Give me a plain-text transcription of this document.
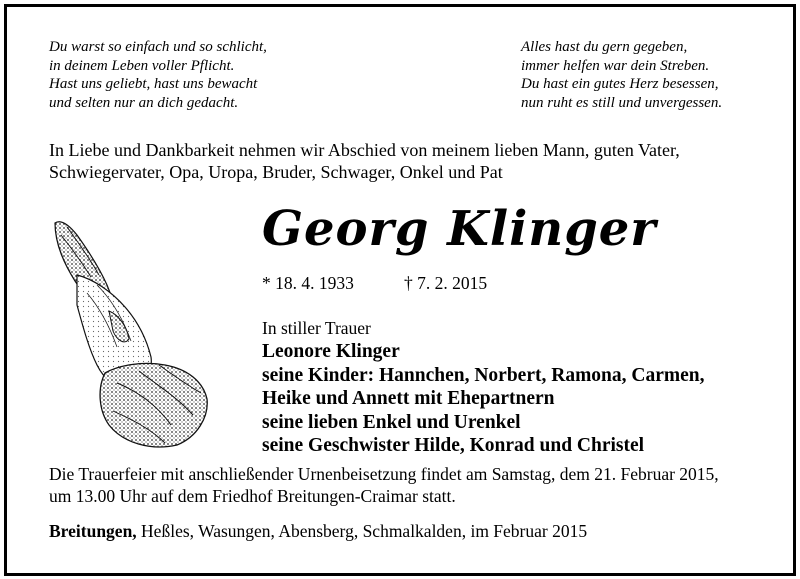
Du warst so einfach und so schlicht,
in deinem Leben voller Pflicht.
Hast uns geliebt, hast uns bewacht
und selten nur an dich gedacht.
Alles hast du gern gegeben,
immer helfen war dein Streben.
Du hast ein gutes Herz besessen,
nun ruht es still und unvergessen.
In Liebe und Dankbarkeit nehmen wir Abschied von meinem lieben Mann, guten Vater,
Schwiegervater, Opa, Uropa, Bruder, Schwager, Onkel und Pat
Georg Klinger
* 18. 4. 1933	† 7. 2. 2015
In stiller Trauer
Leonore Klinger
seine Kinder: Hannchen, Norbert, Ramona, Carmen,
Heike und Annett mit Ehepartnern
seine lieben Enkel und Urenkel
seine Geschwister Hilde, Konrad und Christel
Die Trauerfeier mit anschließender Urnenbeisetzung findet am Samstag, dem 21. Februar 2015,
um 13.00 Uhr auf dem Friedhof Breitungen-Craimar statt.
Breitungen, Heßles, Wasungen, Abensberg, Schmalkalden, im Februar 2015
